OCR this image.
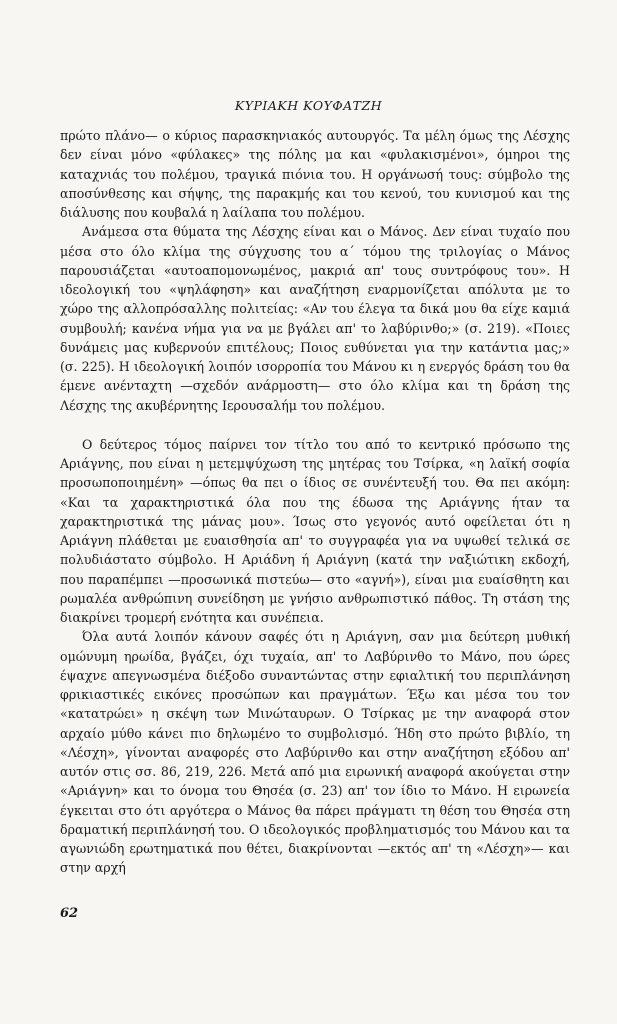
ΚΥΡΙΑΚΗ ΚΟΥΦΑΤΖΗ

πρώτο πλάνο— ο κύριος παρασκηνιακός αυτουργός. Τα μέλη όμως της Λέσχης δεν είναι μόνο «φύλακες» της πόλης μα και «φυλακισμένοι», όμηροι της καταχνιάς του πολέμου, τραγικά πιόνια του. Η οργάνωσή τους: σύμβολο της αποσύνθεσης και σήψης, της παρακμής και του κενού, του κυνισμού και της διάλυσης που κουβαλά η λαίλαπα του πολέμου.

Ανάμεσα στα θύματα της Λέσχης είναι και ο Μάνος. Δεν είναι τυχαίο που μέσα στο όλο κλίμα της σύγχυσης του α΄ τόμου της τριλογίας ο Μάνος παρουσιάζεται «αυτοαπομονωμένος, μακριά απ' τους συντρόφους του». Η ιδεολογική του «ψηλάφηση» και αναζήτηση εναρμονίζεται απόλυτα με το χώρο της αλλοπρόσαλλης πολιτείας: «Αν του έλεγα τα δικά μου θα είχε καμιά συμβουλή; κανένα νήμα για να με βγάλει απ' το λαβύρινθο;» (σ. 219). «Ποιες δυνάμεις μας κυβερνούν επιτέλους; Ποιος ευθύνεται για την κατάντια μας;» (σ. 225). Η ιδεολογική λοιπόν ισορροπία του Μάνου κι η ενεργός δράση του θα έμενε ανένταχτη —σχεδόν ανάρμοστη— στο όλο κλίμα και τη δράση της Λέσχης της ακυβέρνητης Ιερουσαλήμ του πολέμου.

Ο δεύτερος τόμος παίρνει τον τίτλο του από το κεντρικό πρόσωπο της Αριάγνης, που είναι η μετεμψύχωση της μητέρας του Τσίρκα, «η λαϊκή σοφία προσωποποιημένη» —όπως θα πει ο ίδιος σε συνέντευξή του. Θα πει ακόμη: «Και τα χαρακτηριστικά όλα που της έδωσα της Αριάγνης ήταν τα χαρακτηριστικά της μάνας μου». Ίσως στο γεγονός αυτό οφείλεται ότι η Αριάγνη πλάθεται με ευαισθησία απ' το συγγραφέα για να υψωθεί τελικά σε πολυδιάστατο σύμβολο. Η Αριάδνη ή Αριάγνη (κατά την ναξιώτικη εκδοχή, που παραπέμπει —προσωνικά πιστεύω— στο «αγνή»), είναι μια ευαίσθητη και ρωμαλέα ανθρώπινη συνείδηση με γνήσιο ανθρωπιστικό πάθος. Τη στάση της διακρίνει τρομερή ενότητα και συνέπεια.

Όλα αυτά λοιπόν κάνουν σαφές ότι η Αριάγνη, σαν μια δεύτερη μυθική ομώνυμη ηρωίδα, βγάζει, όχι τυχαία, απ' το Λαβύρινθο το Μάνο, που ώρες έψαχνε απεγνωσμένα διέξοδο συναντώντας στην εφιαλτική του περιπλάνηση φρικιαστικές εικόνες προσώπων και πραγμάτων. Έξω και μέσα του τον «κατατρώει» η σκέψη των Μινώταυρων. Ο Τσίρκας με την αναφορά στον αρχαίο μύθο κάνει πιο δηλωμένο το συμβολισμό. Ήδη στο πρώτο βιβλίο, τη «Λέσχη», γίνονται αναφορές στο Λαβύρινθο και στην αναζήτηση εξόδου απ' αυτόν στις σσ. 86, 219, 226. Μετά από μια ειρωνική αναφορά ακούγεται στην «Αριάγνη» και το όνομα του Θησέα (σ. 23) απ' τον ίδιο το Μάνο. Η ειρωνεία έγκειται στο ότι αργότερα ο Μάνος θα πάρει πράγματι τη θέση του Θησέα στη δραματική περιπλάνησή του. Ο ιδεολογικός προβληματισμός του Μάνου και τα αγωνιώδη ερωτηματικά που θέτει, διακρίνονται —εκτός απ' τη «Λέσχη»— και στην αρχή

62
